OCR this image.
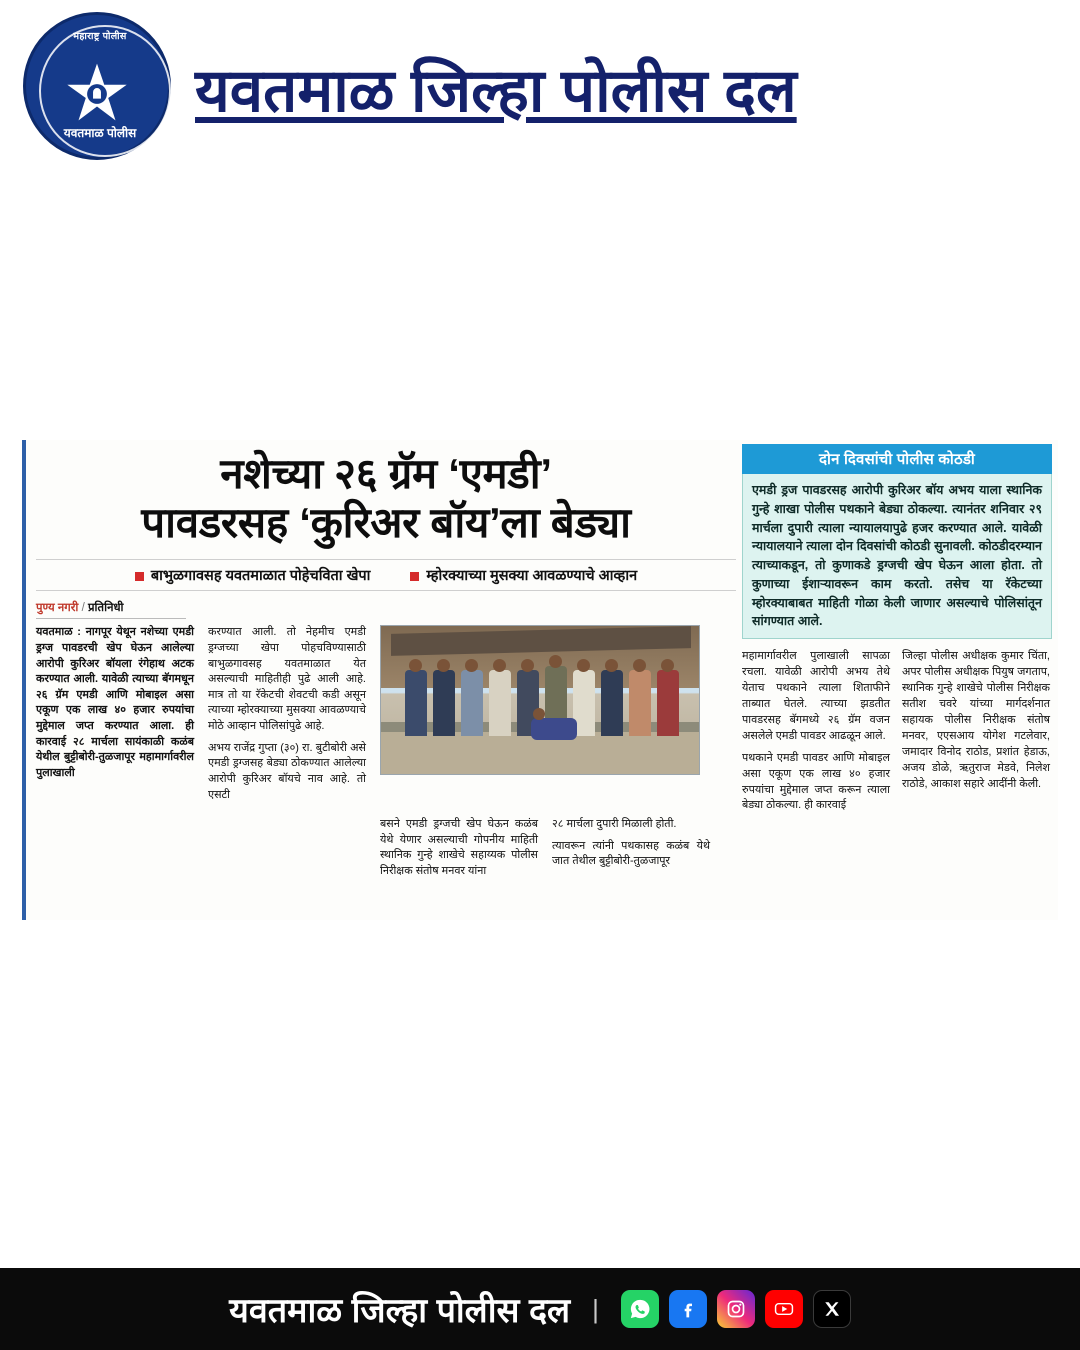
महाराष्ट्र पोलीस
यवतमाळ पोलीस
यवतमाळ जिल्हा पोलीस दल
नशेच्या २६ ग्रॅम ‘एमडी’
पावडरसह ‘कुरिअर बॉय’ला बेड्या
बाभुळगावसह यवतमाळात पोहेचविता खेपा	म्होरक्याच्या मुसक्या आवळण्याचे आव्हान
पुण्य नगरी / प्रतिनिधी

यवतमाळ : नागपूर येथून नशेच्या एमडी ड्रग्ज पावडरची खेप घेऊन आलेल्या आरोपी कुरिअर बॉयला रंगेहाथ अटक करण्यात आली. यावेळी त्याच्या बॅगमधून २६ ग्रॅम एमडी आणि मोबाइल असा एकूण एक लाख ४० हजार रुपयांचा मुद्देमाल जप्त करण्यात आला. ही कारवाई २८ मार्चला सायंकाळी कळंब येथील बुट्टीबोरी-तुळजापूर महामार्गावरील पुलाखाली

करण्यात आली. तो नेहमीच एमडी ड्रग्जच्या खेपा पोहचविण्यासाठी बाभुळगावसह यवतमाळात येत असल्याची माहितीही पुढे आली आहे. मात्र तो या रॅकेटची शेवटची कडी असून त्याच्या म्होरक्याच्या मुसक्या आवळण्याचे मोठे आव्हान पोलिसांपुढे आहे.

अभय राजेंद्र गुप्ता (३०) रा. बुटीबोरी असे एमडी ड्रग्जसह बेड्या ठोकण्यात आलेल्या आरोपी कुरिअर बॉयचे नाव आहे. तो एसटी

बसने एमडी ड्रग्जची खेप घेऊन कळंब येथे येणार असल्याची गोपनीय माहिती स्थानिक गुन्हे शाखेचे सहाय्यक पोलीस निरीक्षक संतोष मनवर यांना

२८ मार्चला दुपारी मिळाली होती.

त्यावरून त्यांनी पथकासह कळंब येथे जात तेथील बुट्टीबोरी-तुळजापूर

दोन दिवसांची पोलीस कोठडी
एमडी ड्रज पावडरसह आरोपी कुरिअर बॉय अभय याला स्थानिक गुन्हे शाखा पोलीस पथकाने बेड्या ठोकल्या. त्यानंतर शनिवार २९ मार्चला दुपारी त्याला न्यायालयापुढे हजर करण्यात आले. यावेळी न्यायालयाने त्याला दोन दिवसांची कोठडी सुनावली. कोठडीदरम्यान त्याच्याकडून, तो कुणाकडे ड्रग्जची खेप घेऊन आला होता. तो कुणाच्या ईशाऱ्यावरून काम करतो. तसेच या रॅकेटच्या म्होरक्याबाबत माहिती गोळा केली जाणार असल्याचे पोलिसांतून सांगण्यात आले.

महामार्गावरील पुलाखाली सापळा रचला. यावेळी आरोपी अभय तेथे येताच पथकाने त्याला शिताफीने ताब्यात घेतले. त्याच्या झडतीत पावडरसह बॅगमध्ये २६ ग्रॅम वजन असलेले एमडी पावडर आढळून आले.

पथकाने एमडी पावडर आणि मोबाइल असा एकूण एक लाख ४० हजार रुपयांचा मुद्देमाल जप्त करून त्याला बेड्या ठोकल्या. ही कारवाई

जिल्हा पोलीस अधीक्षक कुमार चिंता, अपर पोलीस अधीक्षक पियुष जगताप, स्थानिक गुन्हे शाखेचे पोलीस निरीक्षक सतीश चवरे यांच्या मार्गदर्शनात सहायक पोलीस निरीक्षक संतोष मनवर, एएसआय योगेश गटलेवार, जमादार विनोद राठोड, प्रशांत हेडाऊ, अजय डोळे, ऋतुराज मेडवे, निलेश राठोडे, आकाश सहारे आदींनी केली.

यवतमाळ जिल्हा पोलीस दल |
